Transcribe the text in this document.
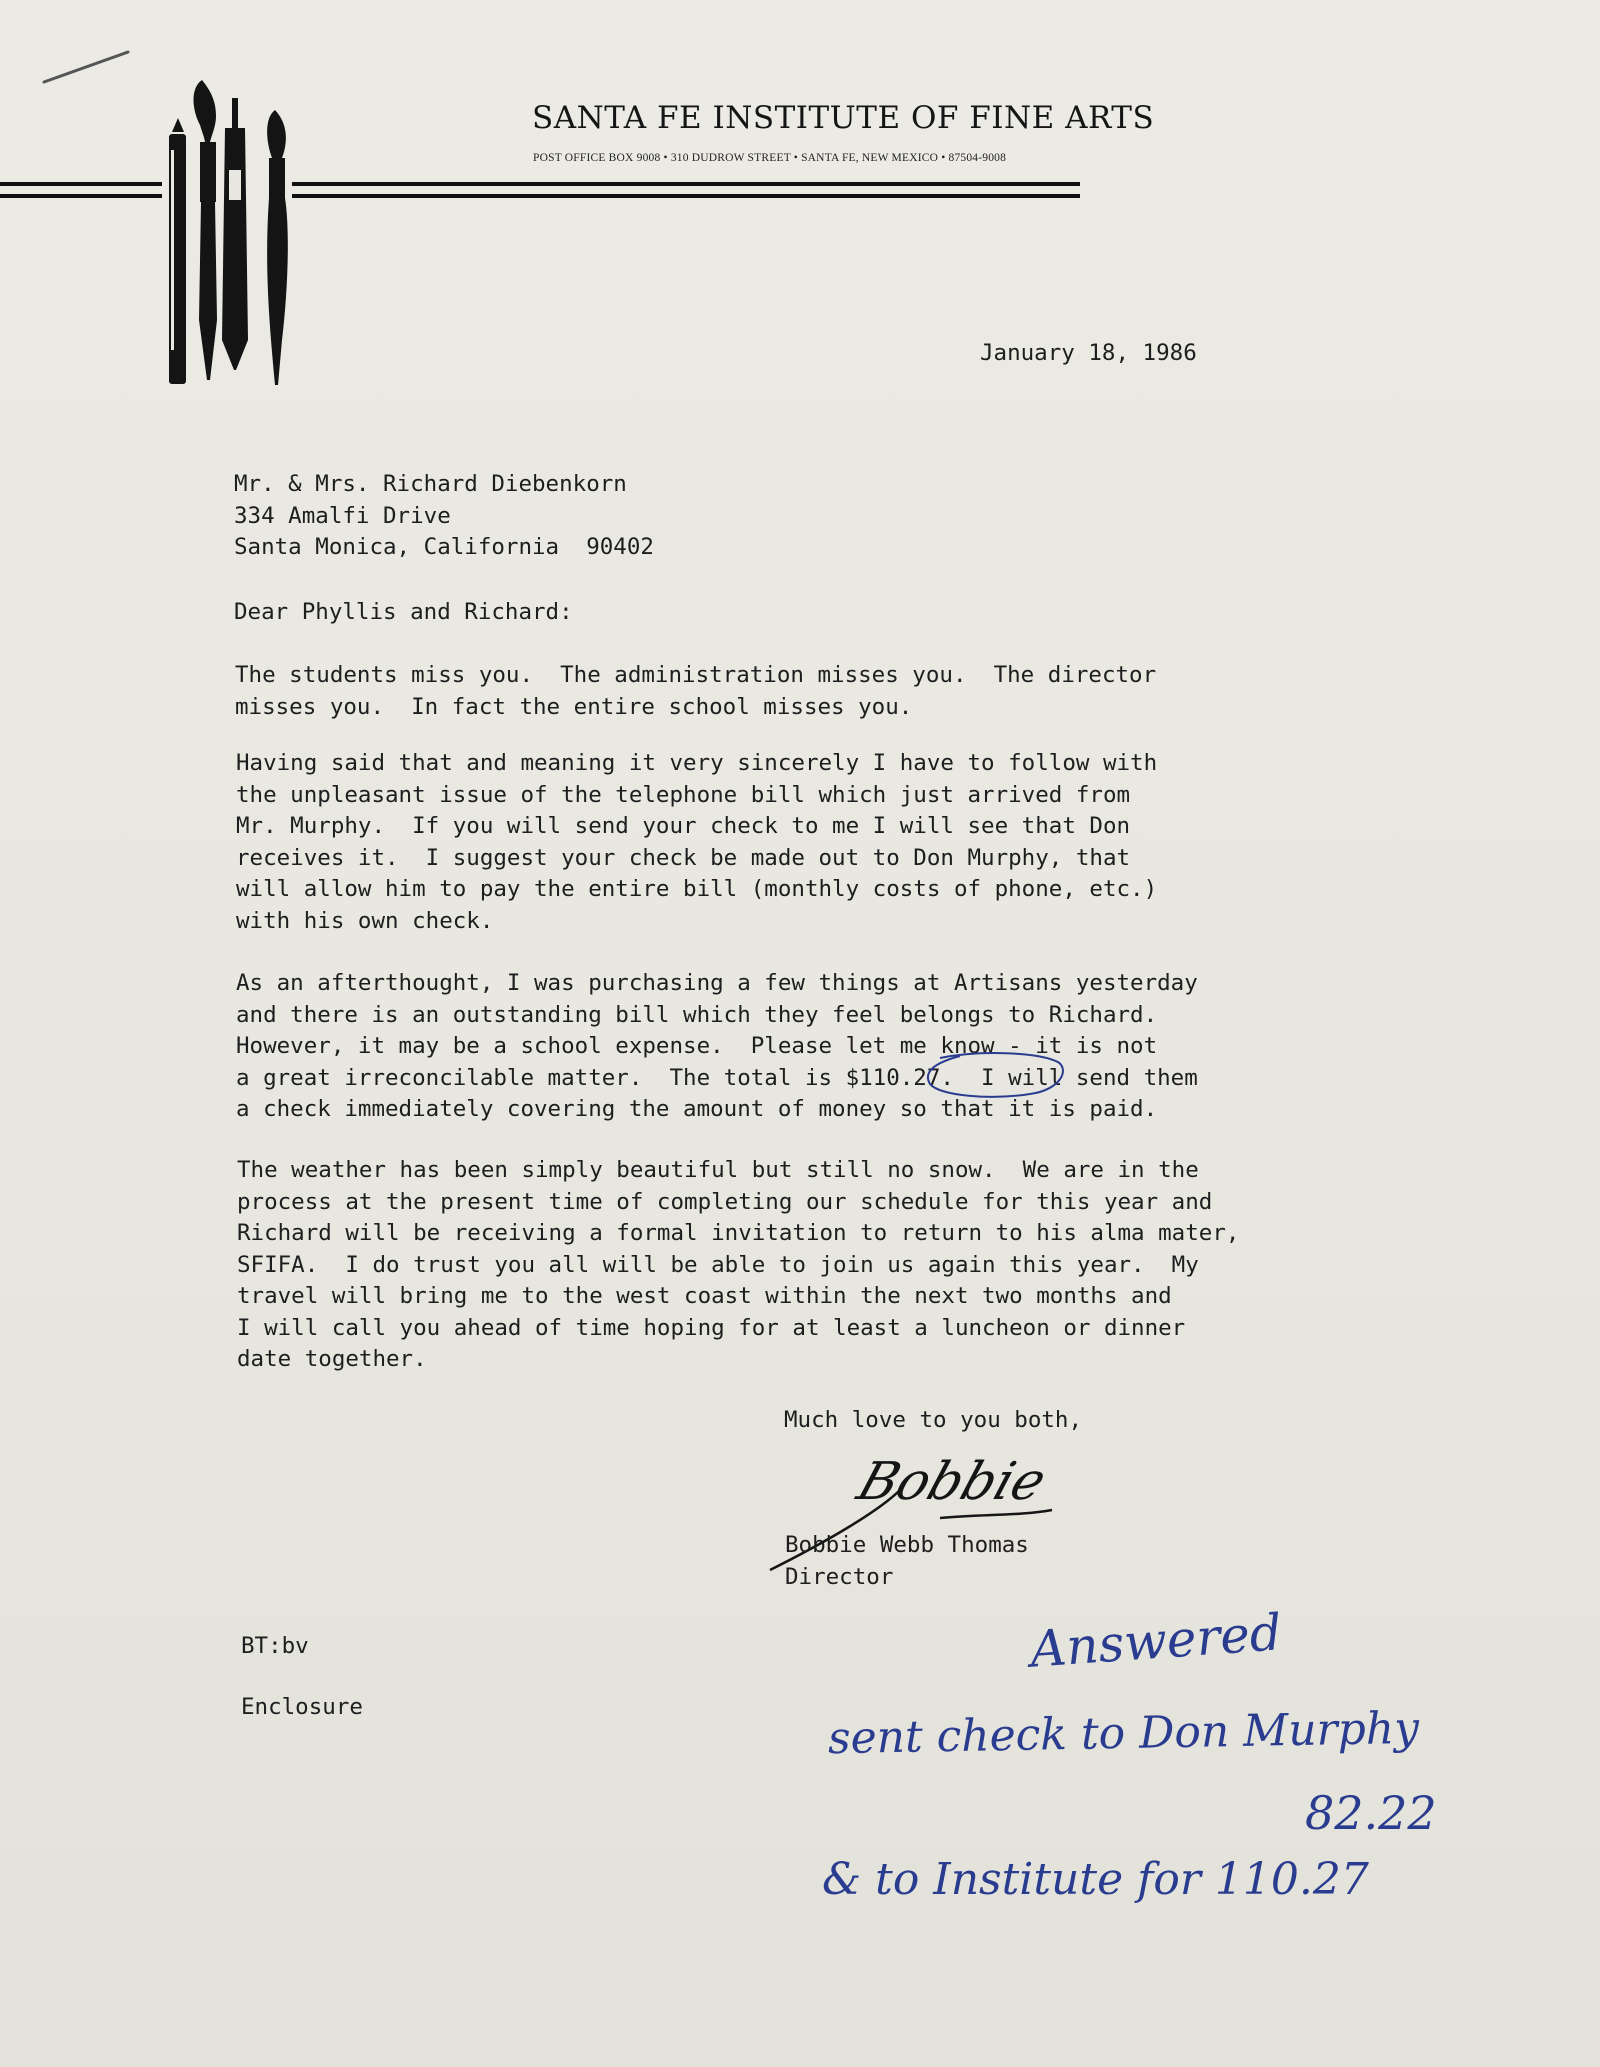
SANTA FE INSTITUTE OF FINE ARTS
POST OFFICE BOX 9008 • 310 DUDROW STREET • SANTA FE, NEW MEXICO • 87504-9008
January 18, 1986
Mr. & Mrs. Richard Diebenkorn
334 Amalfi Drive
Santa Monica, California  90402
Dear Phyllis and Richard:
The students miss you.  The administration misses you.  The director
misses you.  In fact the entire school misses you.
Having said that and meaning it very sincerely I have to follow with
the unpleasant issue of the telephone bill which just arrived from
Mr. Murphy.  If you will send your check to me I will see that Don
receives it.  I suggest your check be made out to Don Murphy, that
will allow him to pay the entire bill (monthly costs of phone, etc.)
with his own check.
As an afterthought, I was purchasing a few things at Artisans yesterday
and there is an outstanding bill which they feel belongs to Richard.
However, it may be a school expense.  Please let me know - it is not
a great irreconcilable matter.  The total is $110.27.  I will send them
a check immediately covering the amount of money so that it is paid.
The weather has been simply beautiful but still no snow.  We are in the
process at the present time of completing our schedule for this year and
Richard will be receiving a formal invitation to return to his alma mater,
SFIFA.  I do trust you all will be able to join us again this year.  My
travel will bring me to the west coast within the next two months and
I will call you ahead of time hoping for at least a luncheon or dinner
date together.
Much love to you both,
Bobbie
Bobbie Webb Thomas
Director
BT:bv
Enclosure
Answered
sent check to Don Murphy
82.22
& to Institute for 110.27
